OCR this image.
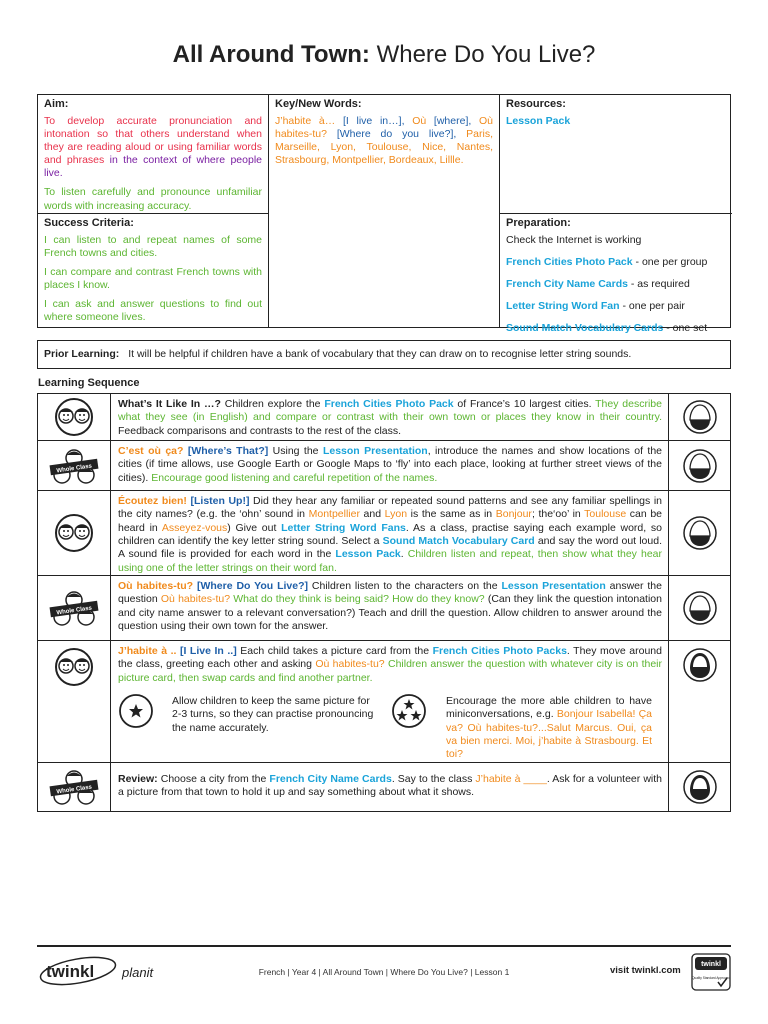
All Around Town: Where Do You Live?
Aim:

To develop accurate pronunciation and intonation so that others understand when they are reading aloud or using familiar words and phrases in the context of where people live.

To listen carefully and pronounce unfamiliar words with increasing accuracy.

Success Criteria:

I can listen to and repeat names of some French towns and cities.

I can compare and contrast French towns with places I know.

I can ask and answer questions to find out where someone lives.

Key/New Words:

J’habite à… [I live in…], Où [where], Où habites-tu? [Where do you live?], Paris, Marseille, Lyon, Toulouse, Nice, Nantes, Strasbourg, Montpellier, Bordeaux, Lillle.

Resources:

Lesson Pack

Preparation:

Check the Internet is working

French Cities Photo Pack - one per group

French City Name Cards - as required

Letter String Word Fan - one per pair

Sound Match Vocabulary Cards - one set

Prior Learning: It will be helpful if children have a bank of vocabulary that they can draw on to recognise letter string sounds.
Learning Sequence
What’s It Like In …? Children explore the French Cities Photo Pack of France’s 10 largest cities. They describe what they see (in English) and compare or contrast with their own town or places they know in their country. Feedback comparisons and contrasts to the rest of the class.
Whole Class
C’est où ça? [Where’s That?] Using the Lesson Presentation, introduce the names and show locations of the cities (if time allows, use Google Earth or Google Maps to ‘fly’ into each place, looking at further street views of the cities). Encourage good listening and careful repetition of the names.
Écoutez bien! [Listen Up!] Did they hear any familiar or repeated sound patterns and see any familiar spellings in the city names? (e.g. the ‘ohn’ sound in Montpellier and Lyon is the same as in Bonjour; the‘oo’ in Toulouse can be heard in Asseyez-vous) Give out Letter String Word Fans. As a class, practise saying each example word, so children can identify the key letter string sound. Select a Sound Match Vocabulary Card and say the word out loud. A sound file is provided for each word in the Lesson Pack. Children listen and repeat, then show what they hear using one of the letter strings on their word fan.
Whole Class
Où habites-tu? [Where Do You Live?] Children listen to the characters on the Lesson Presentation answer the question Où habites-tu? What do they think is being said? How do they know? (Can they link the question intonation and city name answer to a relevant conversation?) Teach and drill the question. Allow children to answer around the question using their own town for the answer.
J’habite à .. [I Live In ..] Each child takes a picture card from the French Cities Photo Packs. They move around the class, greeting each other and asking Où habites-tu? Children answer the question with whatever city is on their picture card, then swap cards and find another partner.
Allow children to keep the same picture for 2-3 turns, so they can practise pronouncing the name accurately.
Encourage the more able children to have miniconversations, e.g. Bonjour Isabella! Ça va? Où habites-tu?...Salut Marcus. Oui, ça va bien merci. Moi, j’habite à Strasbourg. Et toi?
Whole Class
Review: Choose a city from the French City Name Cards. Say to the class J’habite à ____. Ask for a volunteer with a picture from that town to hold it up and say something about what it shows.
twinkl planit	French | Year 4 | All Around Town | Where Do You Live? | Lesson 1	visit twinkl.com
twinkl
Quality Standard Approved
